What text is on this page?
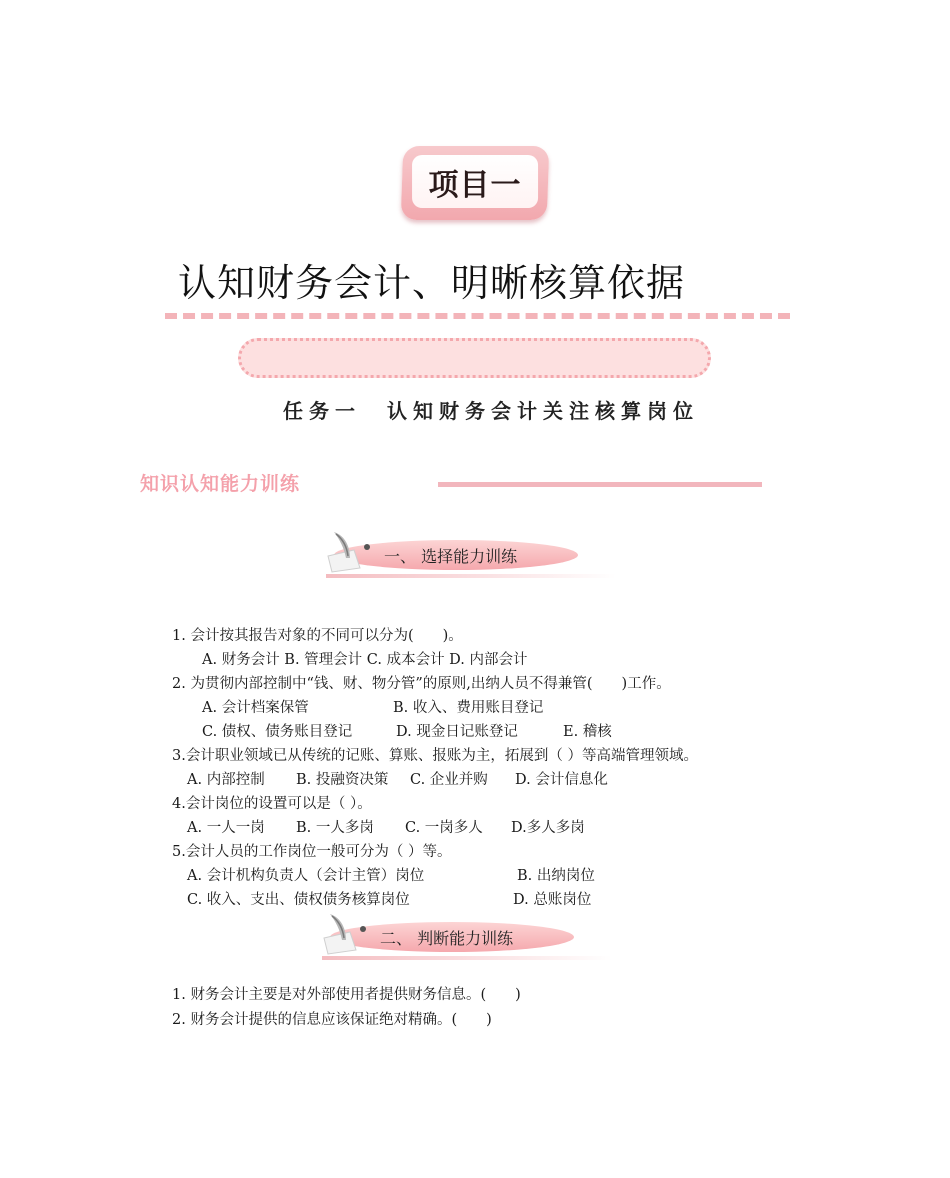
项目一
认知财务会计、明晰核算依据
任务一　认知财务会计关注核算岗位
知识认知能力训练
一、 选择能力训练
1. 会计按其报告对象的不同可以分为(　　)。
A. 财务会计 B. 管理会计 C. 成本会计 D. 内部会计
2. 为贯彻内部控制中“钱、财、物分管”的原则,出纳人员不得兼管(　　)工作。
A. 会计档案保管	B. 收入、费用账目登记
C. 债权、债务账目登记	D. 现金日记账登记	E. 稽核
3.会计职业领域已从传统的记账、算账、报账为主，拓展到（ ）等高端管理领域。
A. 内部控制 B. 投融资决策 C. 企业并购 D. 会计信息化
4.会计岗位的设置可以是（ ）。
A. 一人一岗 B. 一人多岗 C. 一岗多人 D.多人多岗
5.会计人员的工作岗位一般可分为（ ）等。
A. 会计机构负责人（会计主管）岗位	B. 出纳岗位
C. 收入、支出、债权债务核算岗位	D. 总账岗位
二、 判断能力训练
1. 财务会计主要是对外部使用者提供财务信息。(　　)
2. 财务会计提供的信息应该保证绝对精确。(　　)
